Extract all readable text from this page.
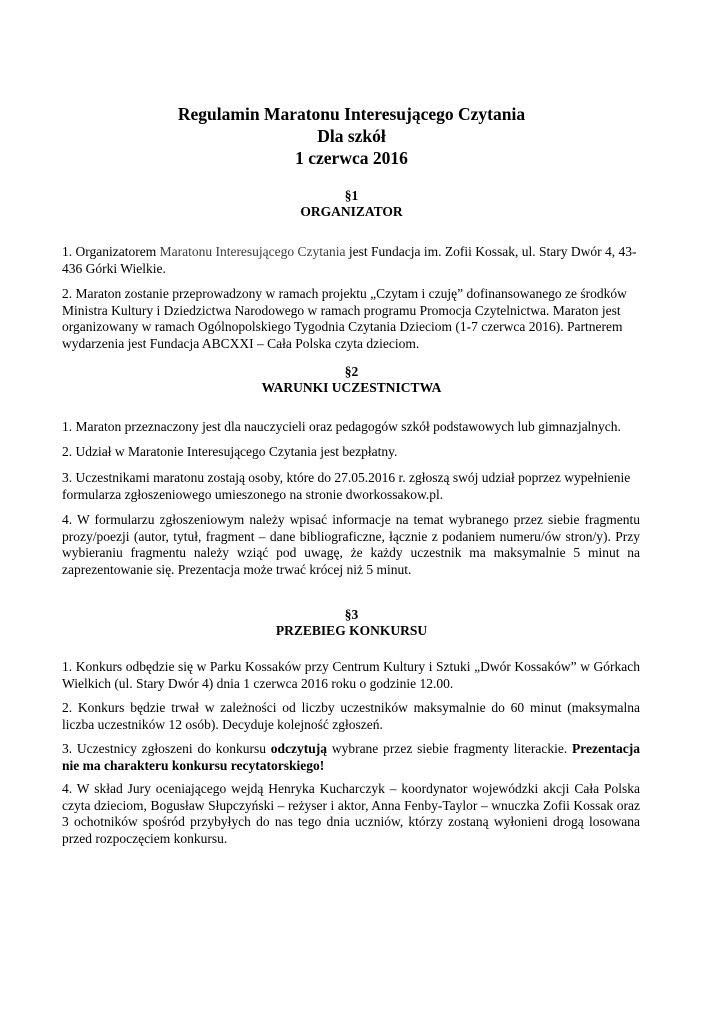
Regulamin Maratonu Interesującego Czytania
Dla szkół
1 czerwca 2016
§1
ORGANIZATOR
1. Organizatorem Maratonu Interesującego Czytania jest Fundacja im. Zofii Kossak, ul. Stary Dwór 4, 43-436 Górki Wielkie.
2. Maraton zostanie przeprowadzony w ramach projektu „Czytam i czuję” dofinansowanego ze środków Ministra Kultury i Dziedzictwa Narodowego w ramach programu Promocja Czytelnictwa. Maraton jest organizowany w ramach Ogólnopolskiego Tygodnia Czytania Dzieciom (1-7 czerwca 2016). Partnerem wydarzenia jest Fundacja ABCXXI – Cała Polska czyta dzieciom.
§2
WARUNKI UCZESTNICTWA
1. Maraton przeznaczony jest dla nauczycieli oraz pedagogów szkół podstawowych lub gimnazjalnych.
2. Udział w Maratonie Interesującego Czytania jest bezpłatny.
3. Uczestnikami maratonu zostają osoby, które do 27.05.2016 r. zgłoszą swój udział poprzez wypełnienie formularza zgłoszeniowego umieszonego na stronie dworkossakow.pl.
4. W formularzu zgłoszeniowym należy wpisać informacje na temat wybranego przez siebie fragmentu prozy/poezji (autor, tytuł, fragment – dane bibliograficzne, łącznie z podaniem numeru/ów stron/y). Przy wybieraniu fragmentu należy wziąć pod uwagę, że każdy uczestnik ma maksymalnie 5 minut na zaprezentowanie się. Prezentacja może trwać krócej niż 5 minut.
§3
PRZEBIEG KONKURSU
1. Konkurs odbędzie się w Parku Kossaków przy Centrum Kultury i Sztuki „Dwór Kossaków” w Górkach Wielkich (ul. Stary Dwór 4) dnia 1 czerwca 2016 roku o godzinie 12.00.
2. Konkurs będzie trwał w zależności od liczby uczestników maksymalnie do 60 minut (maksymalna liczba uczestników 12 osób). Decyduje kolejność zgłoszeń.
3. Uczestnicy zgłoszeni do konkursu odczytują wybrane przez siebie fragmenty literackie. Prezentacja nie ma charakteru konkursu recytatorskiego!
4. W skład Jury oceniającego wejdą Henryka Kucharczyk – koordynator wojewódzki akcji Cała Polska czyta dzieciom, Bogusław Słupczyński – reżyser i aktor, Anna Fenby-Taylor – wnuczka Zofii Kossak oraz 3 ochotników spośród przybyłych do nas tego dnia uczniów, którzy zostaną wyłonieni drogą losowana przed rozpoczęciem konkursu.
